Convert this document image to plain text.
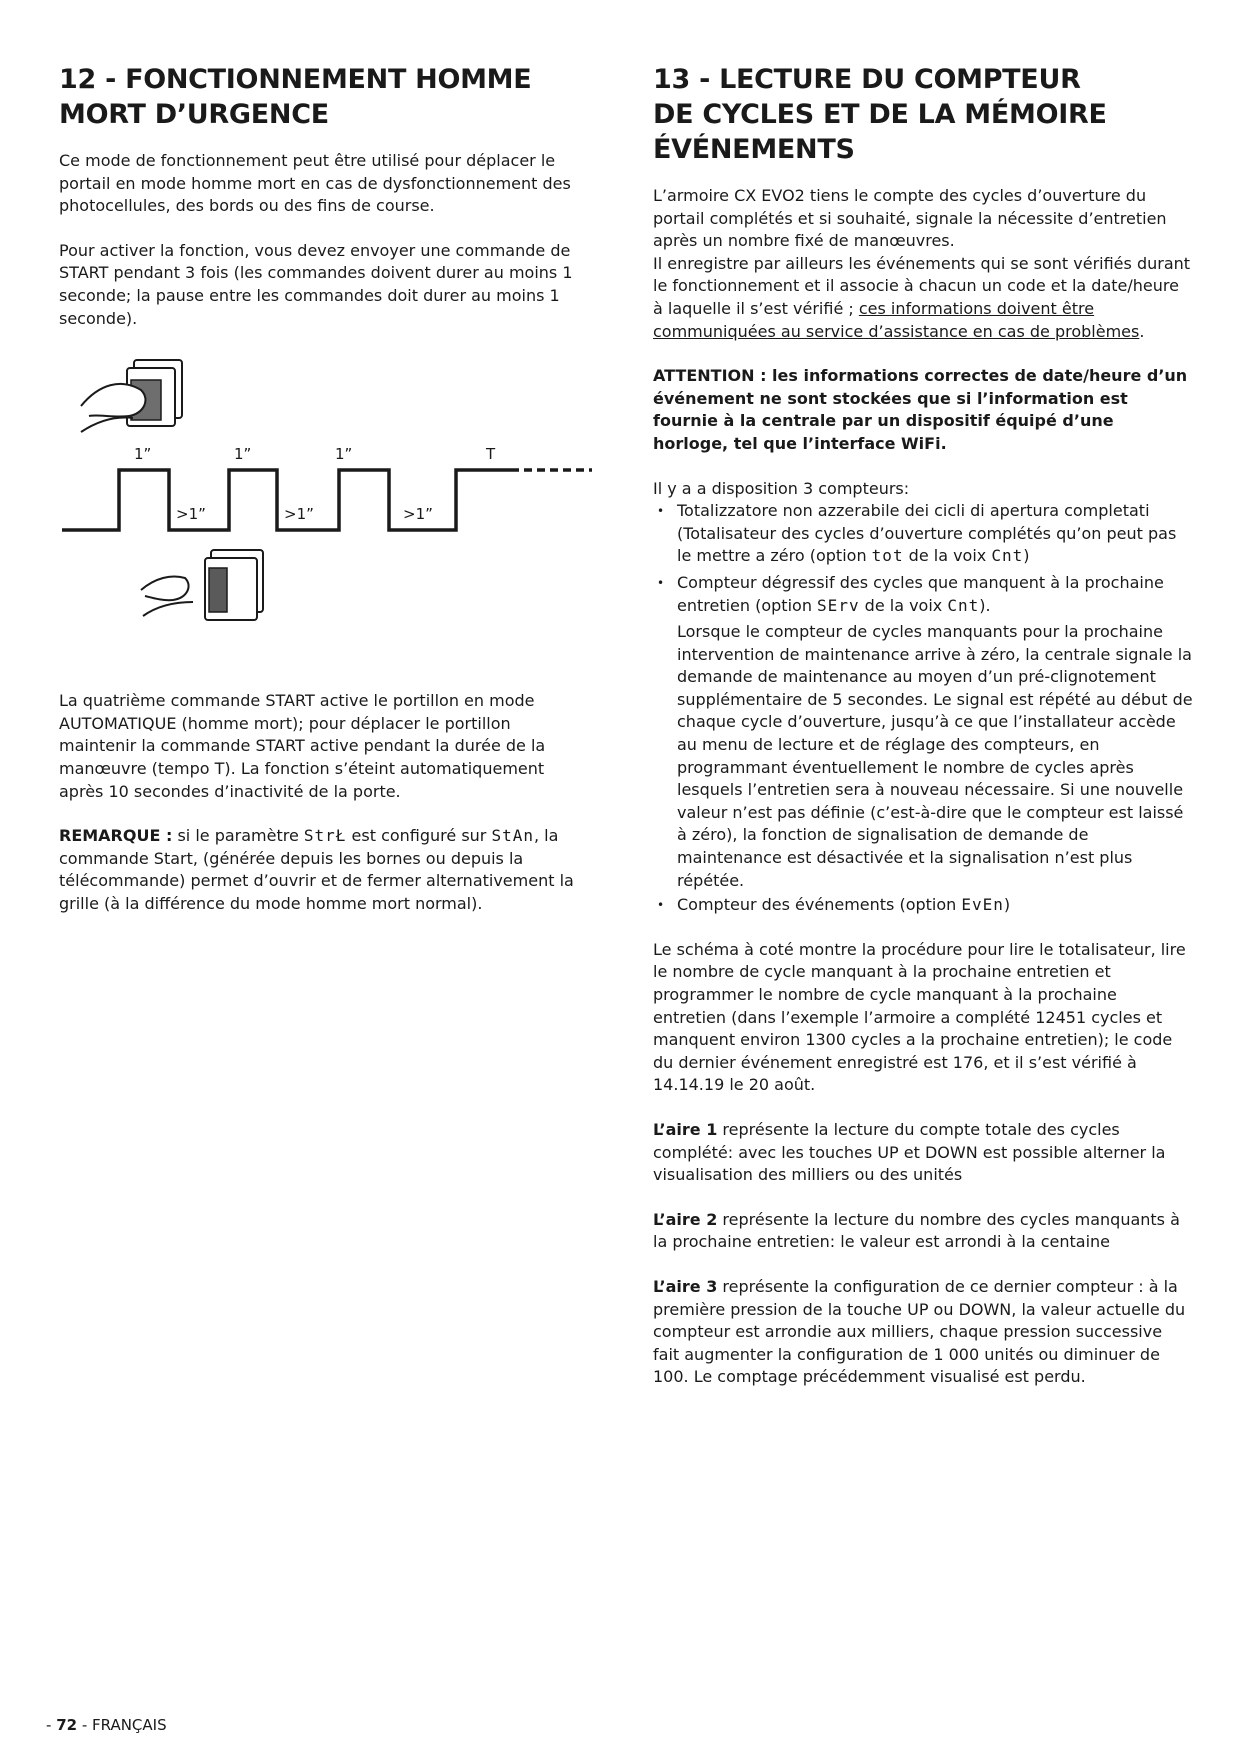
12 - FONCTIONNEMENT HOMME
MORT D’URGENCE

Ce mode de fonctionnement peut être utilisé pour déplacer le portail en mode homme mort en cas de dysfonctionnement des photocellules, des bords ou des fins de course.

Pour activer la fonction, vous devez envoyer une commande de START pendant 3 fois (les commandes doivent durer au moins 1 seconde; la pause entre les commandes doit durer au moins 1 seconde).

1”	1”	1”	T
>1”	>1”	>1”

La quatrième commande START active le portillon en mode AUTOMATIQUE (homme mort); pour déplacer le portillon maintenir la commande START active pendant la durée de la manœuvre (tempo T). La fonction s’éteint automatiquement après 10 secondes d’inactivité de la porte.

REMARQUE : si le paramètre StrŁ est configuré sur StAn, la commande Start, (générée depuis les bornes ou depuis la télécommande) permet d’ouvrir et de fermer alternativement la grille (à la différence du mode homme mort normal).

13 - LECTURE DU COMPTEUR
DE CYCLES ET DE LA MÉMOIRE
ÉVÉNEMENTS

L’armoire CX EVO2 tiens le compte des cycles d’ouverture du portail complétés et si souhaité, signale la nécessite d’entretien après un nombre fixé de manœuvres.

Il enregistre par ailleurs les événements qui se sont vérifiés durant le fonctionnement et il associe à chacun un code et la date/heure à laquelle il s’est vérifié ; ces informations doivent être communiquées au service d’assistance en cas de problèmes.

ATTENTION : les informations correctes de date/heure d’un événement ne sont stockées que si l’information est fournie à la centrale par un dispositif équipé d’une horloge, tel que l’interface WiFi.

Il y a a disposition 3 compteurs:

• Totalizzatore non azzerabile dei cicli di apertura completati (Totalisateur des cycles d’ouverture complétés qu’on peut pas le mettre a zéro (option tot de la voix Cnt)
• Compteur dégressif des cycles que manquent à la prochaine entretien (option SErv de la voix Cnt).
Lorsque le compteur de cycles manquants pour la prochaine intervention de maintenance arrive à zéro, la centrale signale la demande de maintenance au moyen d’un pré-clignotement supplémentaire de 5 secondes. Le signal est répété au début de chaque cycle d’ouverture, jusqu’à ce que l’installateur accède au menu de lecture et de réglage des compteurs, en programmant éventuellement le nombre de cycles après lesquels l’entretien sera à nouveau nécessaire. Si une nouvelle valeur n’est pas définie (c’est-à-dire que le compteur est laissé à zéro), la fonction de signalisation de demande de maintenance est désactivée et la signalisation n’est plus répétée.
• Compteur des événements (option EvEn)

Le schéma à coté montre la procédure pour lire le totalisateur, lire le nombre de cycle manquant à la prochaine entretien et programmer le nombre de cycle manquant à la prochaine entretien (dans l’exemple l’armoire a complété 12451 cycles et manquent environ 1300 cycles a la prochaine entretien); le code du dernier événement enregistré est 176, et il s’est vérifié à 14.14.19 le 20 août.

L’aire 1 représente la lecture du compte totale des cycles complété: avec les touches UP et DOWN est possible alterner la visualisation des milliers ou des unités

L’aire 2 représente la lecture du nombre des cycles manquants à la prochaine entretien: le valeur est arrondi à la centaine

L’aire 3 représente la configuration de ce dernier compteur : à la première pression de la touche UP ou DOWN, la valeur actuelle du compteur est arrondie aux milliers, chaque pression successive fait augmenter la configuration de 1 000 unités ou diminuer de 100. Le comptage précédemment visualisé est perdu.

- 72 - FRANÇAIS
